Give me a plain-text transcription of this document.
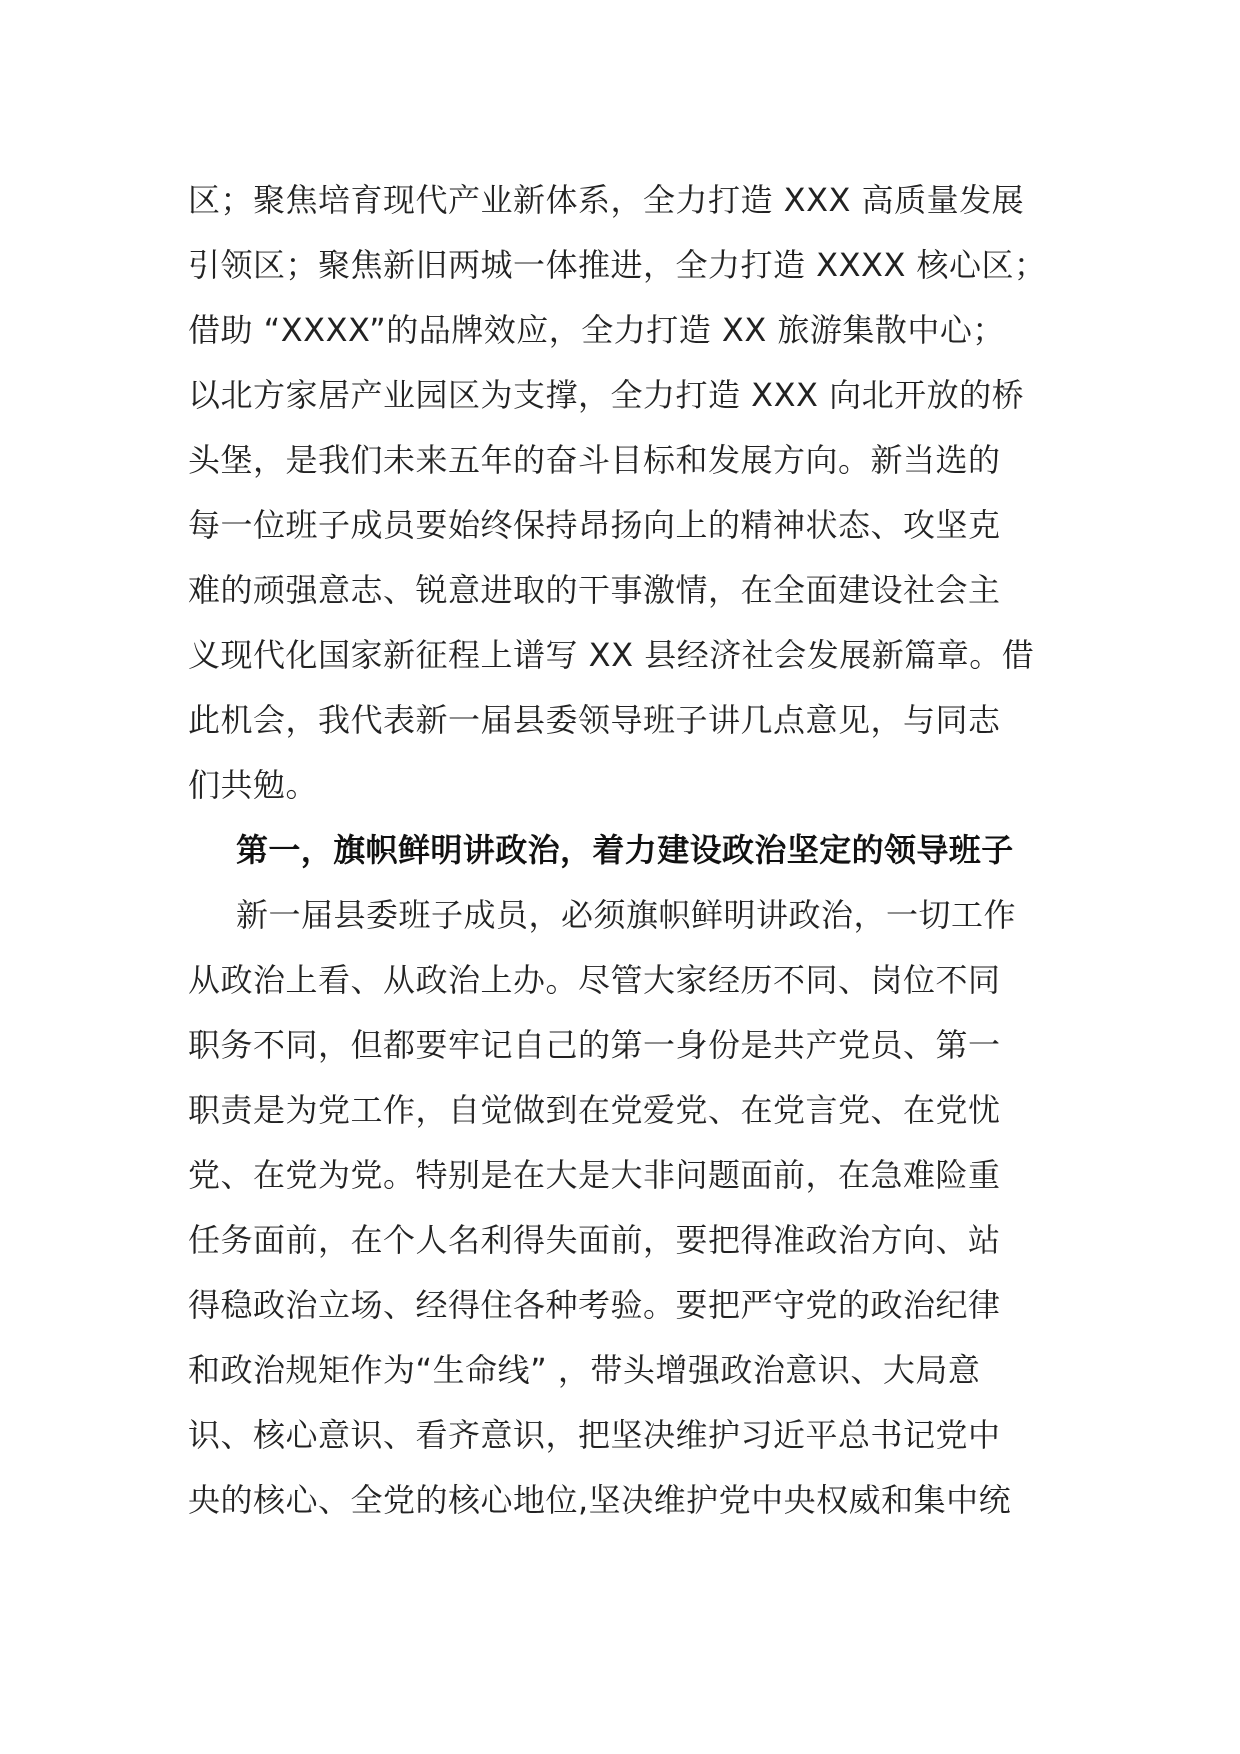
区；聚焦培育现代产业新体系，全力打造 XXX 高质量发展
引领区；聚焦新旧两城一体推进，全力打造 XXXX 核心区；
借助 “XXXX”的品牌效应，全力打造 XX 旅游集散中心；
以北方家居产业园区为支撑，全力打造 XXX 向北开放的桥
头堡，是我们未来五年的奋斗目标和发展方向。新当选的
每一位班子成员要始终保持昂扬向上的精神状态、攻坚克
难的顽强意志、锐意进取的干事激情，在全面建设社会主
义现代化国家新征程上谱写 XX 县经济社会发展新篇章。借
此机会，我代表新一届县委领导班子讲几点意见，与同志
们共勉。
第一，旗帜鲜明讲政治，着力建设政治坚定的领导班子
新一届县委班子成员，必须旗帜鲜明讲政治，一切工作
从政治上看、从政治上办。尽管大家经历不同、岗位不同
职务不同，但都要牢记自己的第一身份是共产党员、第一
职责是为党工作，自觉做到在党爱党、在党言党、在党忧
党、在党为党。特别是在大是大非问题面前，在急难险重
任务面前，在个人名利得失面前，要把得准政治方向、站
得稳政治立场、经得住各种考验。要把严守党的政治纪律
和政治规矩作为“生命线” ，带头增强政治意识、大局意
识、核心意识、看齐意识，把坚决维护习近平总书记党中
央的核心、全党的核心地位,坚决维护党中央权威和集中统
